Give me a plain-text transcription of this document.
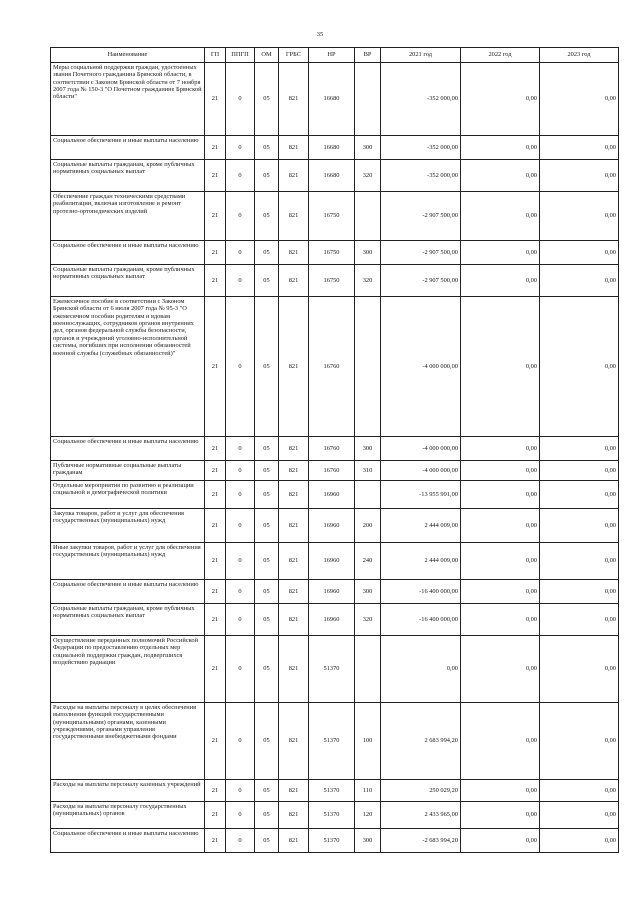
35
Наименование	ГП	ППГП	ОМ	ГРБС	НР	ВР	2021 год	2022 год	2023 год
Меры социальной поддержки граждан, удостоенных звания Почетного гражданина Брянской области, в соответствии с Законом Брянской области от 7 ноября 2007 года № 150-3 "О Почетном гражданине Брянской области"	21	0	05	821	16680		-352 000,00	0,00	0,00
Социальное обеспечение и иные выплаты населению	21	0	05	821	16680	300	-352 000,00	0,00	0,00
Социальные выплаты гражданам, кроме публичных нормативных социальных выплат	21	0	05	821	16680	320	-352 000,00	0,00	0,00
Обеспечение граждан техническими средствами реабилитации, включая изготовление и ремонт протезно-ортопедических изделий	21	0	05	821	16750		-2 907 500,00	0,00	0,00
Социальное обеспечение и иные выплаты населению	21	0	05	821	16750	300	-2 907 500,00	0,00	0,00
Социальные выплаты гражданам, кроме публичных нормативных социальных выплат	21	0	05	821	16750	320	-2 907 500,00	0,00	0,00
Ежемесячное пособие в соответствии с Законом Брянской области от 6 июля 2007 года № 95-3 "О ежемесячном пособии родителям и вдовам военнослужащих, сотрудников органов внутренних дел, органов федеральной службы безопасности, органов и учреждений уголовно-исполнительной системы, погибших при исполнении обязанностей военной службы (служебных обязанностей)"	21	0	05	821	16760		-4 000 000,00	0,00	0,00
Социальное обеспечение и иные выплаты населению	21	0	05	821	16760	300	-4 000 000,00	0,00	0,00
Публичные нормативные социальные выплаты гражданам	21	0	05	821	16760	310	-4 000 000,00	0,00	0,00
Отдельные мероприятия по развитию и реализации социальной и демографической политики	21	0	05	821	16960		-13 955 991,00	0,00	0,00
Закупка товаров, работ и услуг для обеспечения государственных (муниципальных) нужд	21	0	05	821	16960	200	2 444 009,00	0,00	0,00
Иные закупки товаров, работ и услуг для обеспечения государственных (муниципальных) нужд	21	0	05	821	16960	240	2 444 009,00	0,00	0,00
Социальное обеспечение и иные выплаты населению	21	0	05	821	16960	300	-16 400 000,00	0,00	0,00
Социальные выплаты гражданам, кроме публичных нормативных социальных выплат	21	0	05	821	16960	320	-16 400 000,00	0,00	0,00
Осуществление переданных полномочий Российской Федерации по предоставлению отдельных мер социальной поддержки граждан, подвергшихся воздействию радиации	21	0	05	821	51370		0,00	0,00	0,00
Расходы на выплаты персоналу в целях обеспечения выполнения функций государственными (муниципальными) органами, казенными учреждениями, органами управления государственными внебюджетными фондами	21	0	05	821	51370	100	2 683 994,20	0,00	0,00
Расходы на выплаты персоналу казенных учреждений	21	0	05	821	51370	110	250 029,20	0,00	0,00
Расходы на выплаты персоналу государственных (муниципальных) органов	21	0	05	821	51370	120	2 433 965,00	0,00	0,00
Социальное обеспечение и иные выплаты населению	21	0	05	821	51370	300	-2 683 994,20	0,00	0,00
